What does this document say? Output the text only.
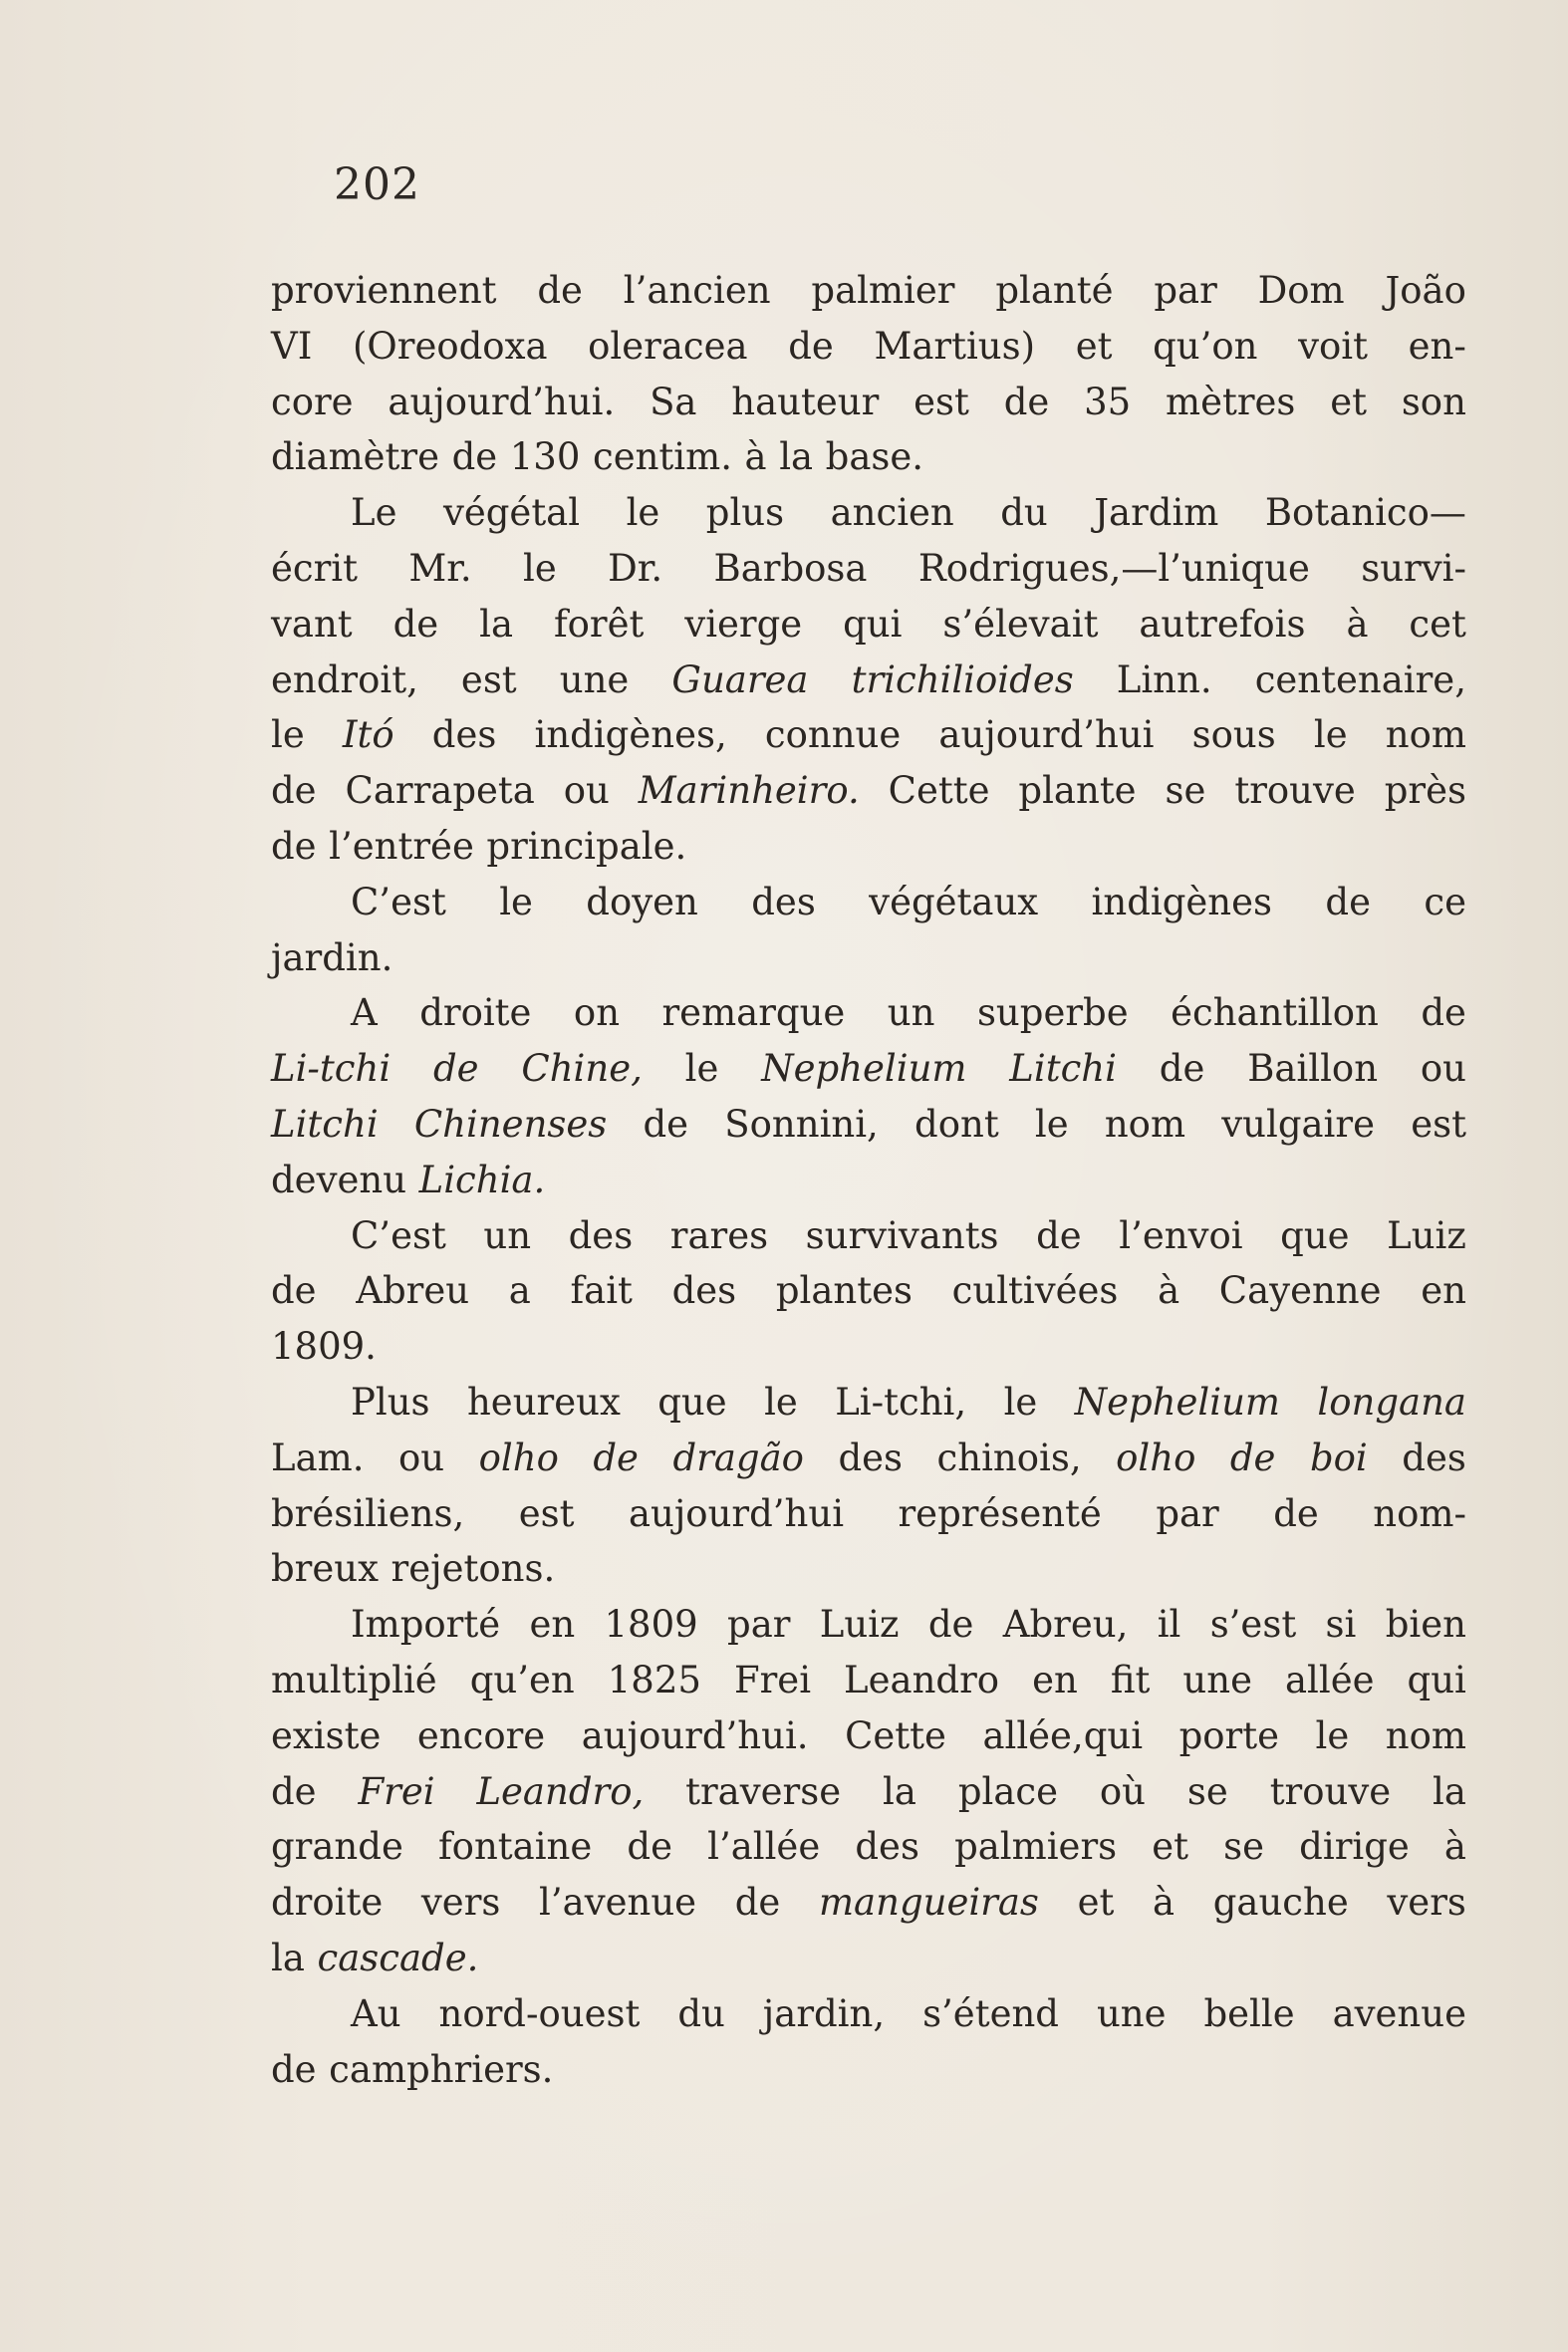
202
proviennent de l’ancien palmier planté par Dom João
VI (Oreodoxa oleracea de Martius) et qu’on voit en-
core aujourd’hui. Sa hauteur est de 35 mètres et son
diamètre de 130 centim. à la base.
Le végétal le plus ancien du Jardim Botanico—
écrit Mr. le Dr. Barbosa Rodrigues,—l’unique survi-
vant de la forêt vierge qui s’élevait autrefois à cet
endroit, est une Guarea trichilioides Linn. centenaire,
le Itó des indigènes, connue aujourd’hui sous le nom
de Carrapeta ou Marinheiro. Cette plante se trouve près
de l’entrée principale.
C’est le doyen des végétaux indigènes de ce
jardin.
A droite on remarque un superbe échantillon de
Li-tchi de Chine, le Nephelium Litchi de Baillon ou
Litchi Chinenses de Sonnini, dont le nom vulgaire est
devenu Lichia.
C’est un des rares survivants de l’envoi que Luiz
de Abreu a fait des plantes cultivées à Cayenne en
1809.
Plus heureux que le Li-tchi, le Nephelium longana
Lam. ou olho de dragão des chinois, olho de boi des
brésiliens, est aujourd’hui représenté par de nom-
breux rejetons.
Importé en 1809 par Luiz de Abreu, il s’est si bien
multiplié qu’en 1825 Frei Leandro en fit une allée qui
existe encore aujourd’hui. Cette allée,qui porte le nom
de Frei Leandro, traverse la place où se trouve la
grande fontaine de l’allée des palmiers et se dirige à
droite vers l’avenue de mangueiras et à gauche vers
la cascade.
Au nord-ouest du jardin, s’étend une belle avenue
de camphriers.
